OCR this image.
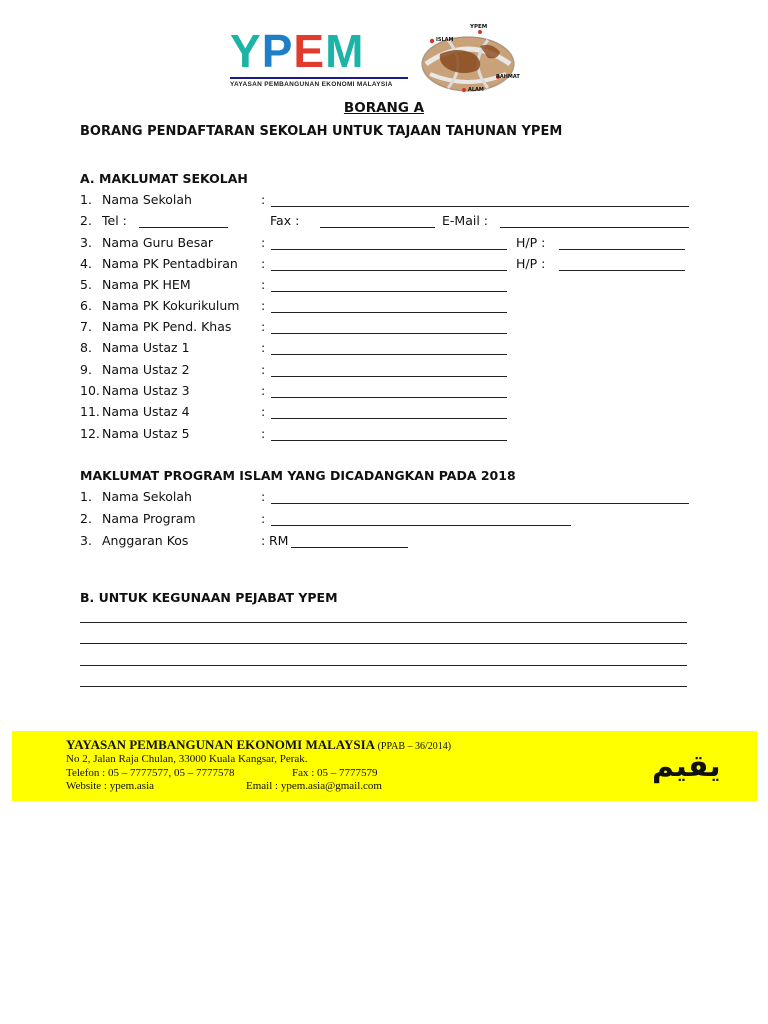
YPEM
YAYASAN PEMBANGUNAN EKONOMI MALAYSIA
YPEM
ISLAM
RAHMAT
ALAM
BORANG A
BORANG PENDAFTARAN SEKOLAH UNTUK TAJAAN TAHUNAN YPEM
A. MAKLUMAT SEKOLAH
1. Nama Sekolah	:
2. Tel :	Fax :	E-Mail :
3. Nama Guru Besar	:	H/P :
4. Nama PK Pentadbiran :	H/P :
5. Nama PK HEM	:
6. Nama PK Kokurikulum :
7. Nama PK Pend. Khas :
8. Nama Ustaz 1	:
9. Nama Ustaz 2	:
10. Nama Ustaz 3	:
11. Nama Ustaz 4	:
12. Nama Ustaz 5	:
MAKLUMAT PROGRAM ISLAM YANG DICADANGKAN PADA 2018
1. Nama Sekolah	:
2. Nama Program	:
3. Anggaran Kos	: RM
B. UNTUK KEGUNAAN PEJABAT YPEM
YAYASAN PEMBANGUNAN EKONOMI MALAYSIA (PPAB – 36/2014)
No 2, Jalan Raja Chulan, 33000 Kuala Kangsar, Perak.
Telefon : 05 – 7777577, 05 – 7777578	Fax : 05 – 7777579
Website : ypem.asia	Email : ypem.asia@gmail.com
يقيم
